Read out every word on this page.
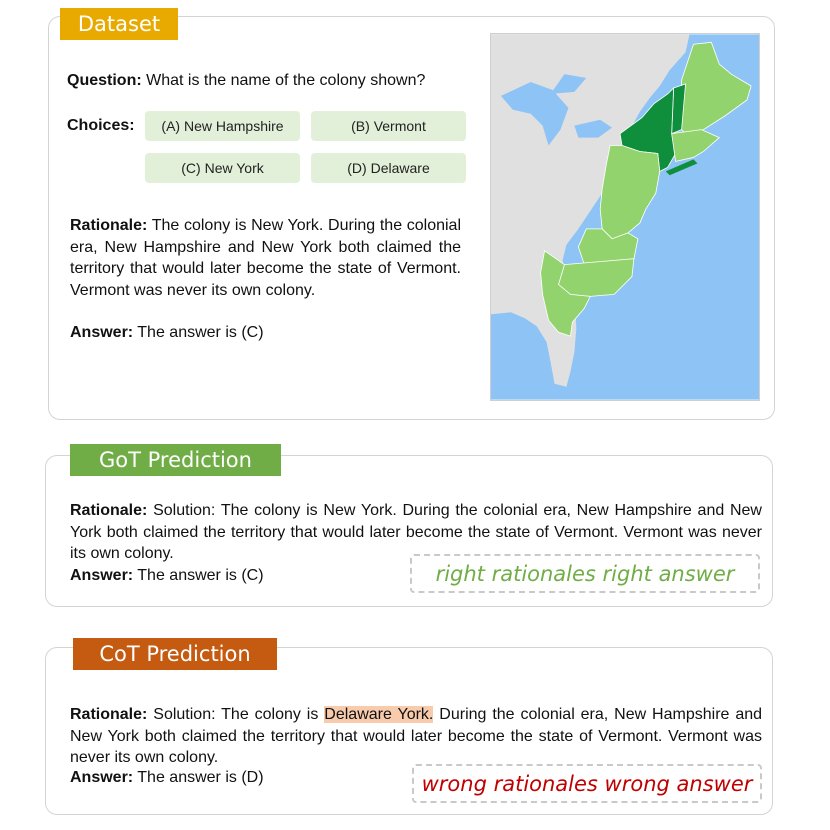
Dataset
Question: What is the name of the colony shown?
Choices:	(A) New Hampshire	(B) Vermont
(C) New York	(D) Delaware
Rationale: The colony is New York. During the colonial era, New Hampshire and New York both claimed the territory that would later become the state of Vermont. Vermont was never its own colony.
Answer: The answer is (C)
GoT Prediction
Rationale: Solution: The colony is New York. During the colonial era, New Hampshire and New York both claimed the territory that would later become the state of Vermont. Vermont was never its own colony.
Answer: The answer is (C)	right rationales right answer
CoT Prediction
Rationale: Solution: The colony is Delaware York. During the colonial era, New Hampshire and New York both claimed the territory that would later become the state of Vermont. Vermont was never its own colony.
Answer: The answer is (D)	wrong rationales wrong answer
